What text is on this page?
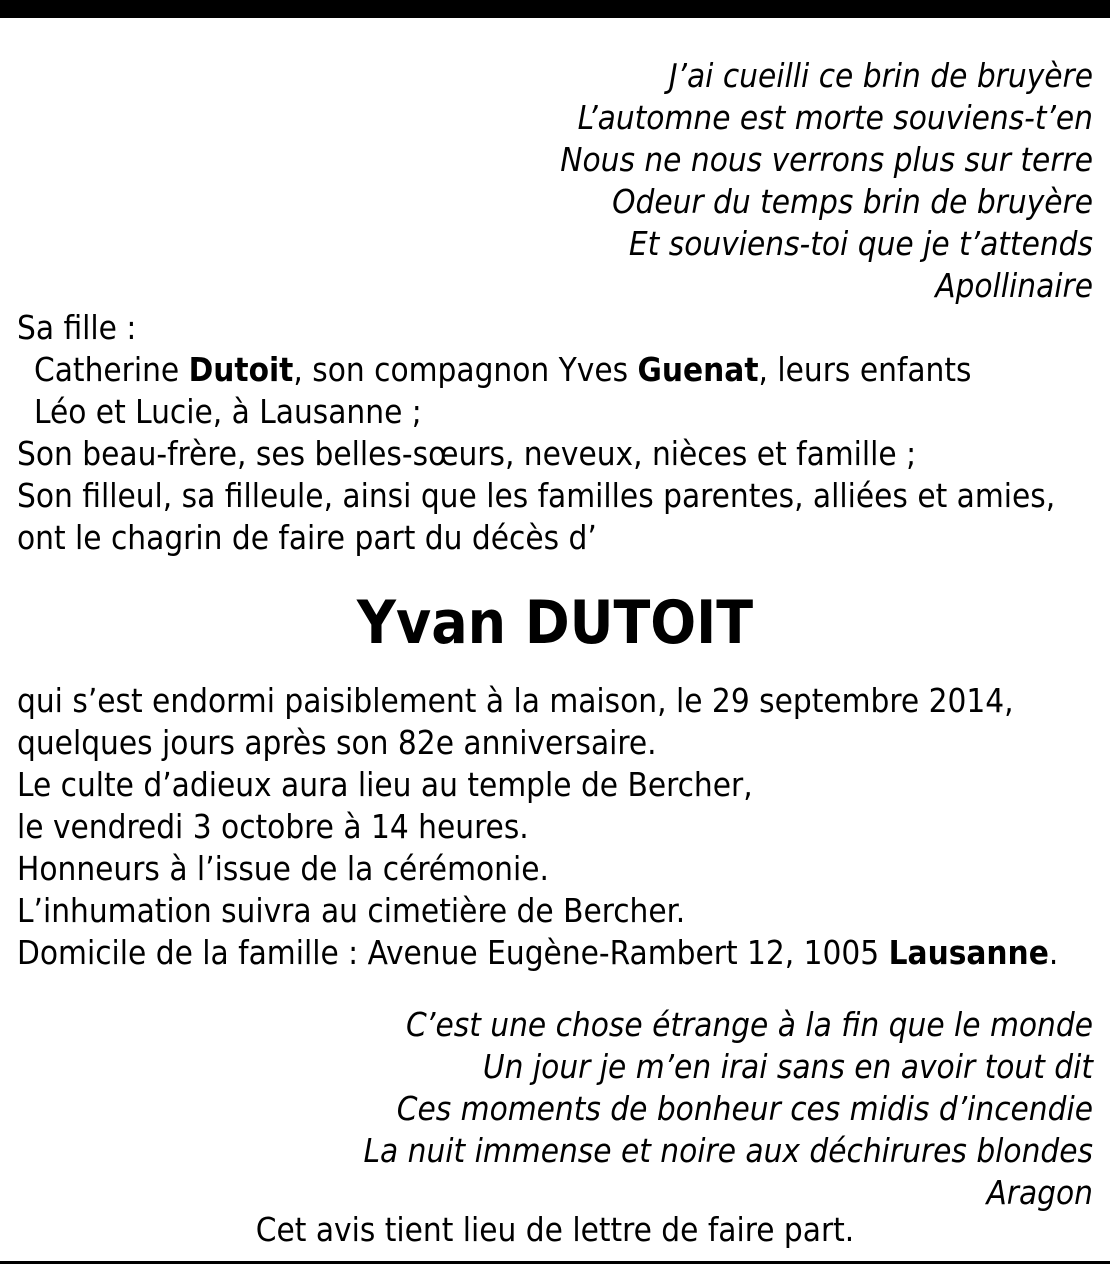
J’ai cueilli ce brin de bruyère
L’automne est morte souviens-t’en
Nous ne nous verrons plus sur terre
Odeur du temps brin de bruyère
Et souviens-toi que je t’attends
Apollinaire
Sa fille :
Catherine Dutoit, son compagnon Yves Guenat, leurs enfants
Léo et Lucie, à Lausanne ;
Son beau-frère, ses belles-sœurs, neveux, nièces et famille ;
Son filleul, sa filleule, ainsi que les familles parentes, alliées et amies,
ont le chagrin de faire part du décès d’
Yvan DUTOIT
qui s’est endormi paisiblement à la maison, le 29 septembre 2014,
quelques jours après son 82e anniversaire.
Le culte d’adieux aura lieu au temple de Bercher,
le vendredi 3 octobre à 14 heures.
Honneurs à l’issue de la cérémonie.
L’inhumation suivra au cimetière de Bercher.
Domicile de la famille : Avenue Eugène-Rambert 12, 1005 Lausanne.
C’est une chose étrange à la fin que le monde
Un jour je m’en irai sans en avoir tout dit
Ces moments de bonheur ces midis d’incendie
La nuit immense et noire aux déchirures blondes
Aragon
Cet avis tient lieu de lettre de faire part.
